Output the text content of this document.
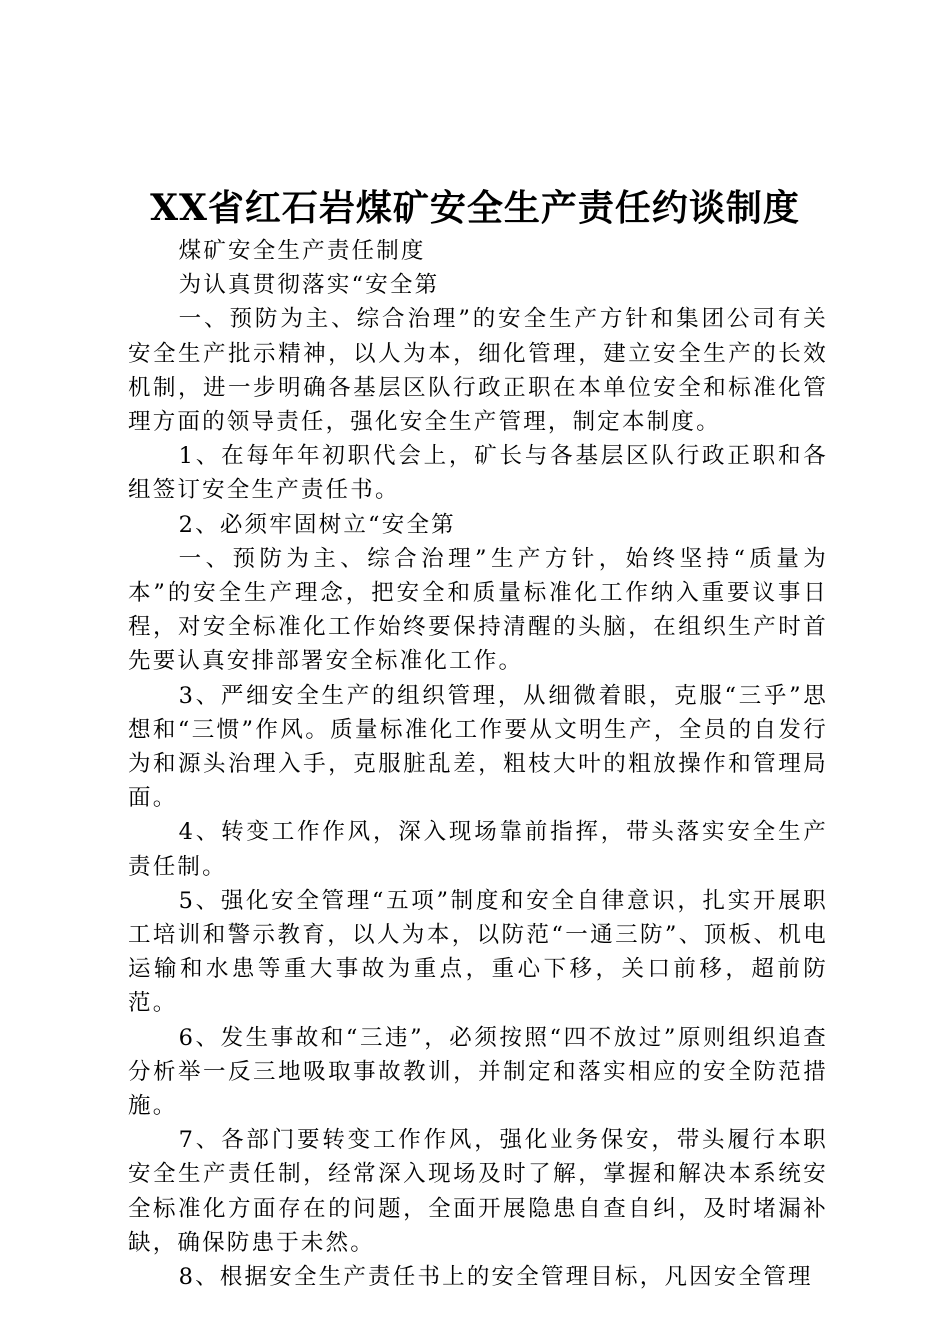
XX省红石岩煤矿安全生产责任约谈制度

煤矿安全生产责任制度

为认真贯彻落实“安全第

一、预防为主、综合治理”的安全生产方针和集团公司有关安全生产批示精神，以人为本，细化管理，建立安全生产的长效机制，进一步明确各基层区队行政正职在本单位安全和标准化管理方面的领导责任，强化安全生产管理，制定本制度。

1、在每年年初职代会上，矿长与各基层区队行政正职和各组签订安全生产责任书。

2、必须牢固树立“安全第

一、预防为主、综合治理”生产方针，始终坚持“质量为本”的安全生产理念，把安全和质量标准化工作纳入重要议事日程，对安全标准化工作始终要保持清醒的头脑，在组织生产时首先要认真安排部署安全标准化工作。

3、严细安全生产的组织管理，从细微着眼，克服“三乎”思想和“三惯”作风。质量标准化工作要从文明生产，全员的自发行为和源头治理入手，克服脏乱差，粗枝大叶的粗放操作和管理局面。

4、转变工作作风，深入现场靠前指挥，带头落实安全生产责任制。

5、强化安全管理“五项”制度和安全自律意识，扎实开展职工培训和警示教育，以人为本，以防范“一通三防”、顶板、机电运输和水患等重大事故为重点，重心下移，关口前移，超前防范。

6、发生事故和“三违”，必须按照“四不放过”原则组织追查分析举一反三地吸取事故教训，并制定和落实相应的安全防范措施。

7、各部门要转变工作作风，强化业务保安，带头履行本职安全生产责任制，经常深入现场及时了解，掌握和解决本系统安全标准化方面存在的问题，全面开展隐患自查自纠，及时堵漏补缺，确保防患于未然。

8、根据安全生产责任书上的安全管理目标，凡因安全管理
